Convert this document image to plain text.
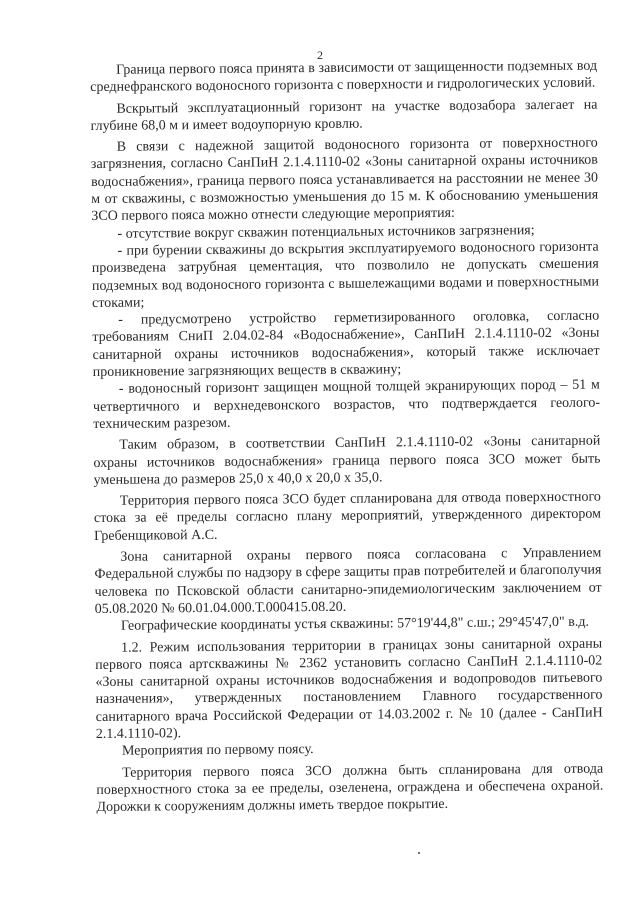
2

Граница первого пояса принята в зависимости от защищенности подземных вод среднефранского водоносного горизонта с поверхности и гидрологических условий.

Вскрытый эксплуатационный горизонт на участке водозабора залегает на глубине 68,0 м и имеет водоупорную кровлю.

В связи с надежной защитой водоносного горизонта от поверхностного загрязнения, согласно СанПиН 2.1.4.1110-02 «Зоны санитарной охраны источников водоснабжения», граница первого пояса устанавливается на расстоянии не менее 30 м от скважины, с возможностью уменьшения до 15 м. К обоснованию уменьшения ЗСО первого пояса можно отнести следующие мероприятия:

- отсутствие вокруг скважин потенциальных источников загрязнения;

- при бурении скважины до вскрытия эксплуатируемого водоносного горизонта произведена затрубная цементация, что позволило не допускать смешения подземных вод водоносного горизонта с вышележащими водами и поверхностными стоками;

- предусмотрено устройство герметизированного оголовка, согласно требованиям СниП 2.04.02-84 «Водоснабжение», СанПиН 2.1.4.1110-02 «Зоны санитарной охраны источников водоснабжения», который также исключает проникновение загрязняющих веществ в скважину;

- водоносный горизонт защищен мощной толщей экранирующих пород – 51 м четвертичного и верхнедевонского возрастов, что подтверждается геолого-техническим разрезом.

Таким образом, в соответствии СанПиН 2.1.4.1110-02 «Зоны санитарной охраны источников водоснабжения» граница первого пояса ЗСО может быть уменьшена до размеров 25,0 х 40,0 х 20,0 х 35,0.

Территория первого пояса ЗСО будет спланирована для отвода поверхностного стока за её пределы согласно плану мероприятий, утвержденного директором Гребенщиковой А.С.

Зона санитарной охраны первого пояса согласована с Управлением Федеральной службы по надзору в сфере защиты прав потребителей и благополучия человека по Псковской области санитарно-эпидемиологическим заключением от 05.08.2020 № 60.01.04.000.Т.000415.08.20.

Географические координаты устья скважины: 57°19'44,8" с.ш.; 29°45'47,0" в.д.

1.2. Режим использования территории в границах зоны санитарной охраны первого пояса артскважины № 2362 установить согласно СанПиН 2.1.4.1110-02 «Зоны санитарной охраны источников водоснабжения и водопроводов питьевого назначения», утвержденных постановлением Главного государственного санитарного врача Российской Федерации от 14.03.2002 г. № 10 (далее - СанПиН 2.1.4.1110-02).

Мероприятия по первому поясу.

Территория первого пояса ЗСО должна быть спланирована для отвода поверхностного стока за ее пределы, озеленена, ограждена и обеспечена охраной. Дорожки к сооружениям должны иметь твердое покрытие.
